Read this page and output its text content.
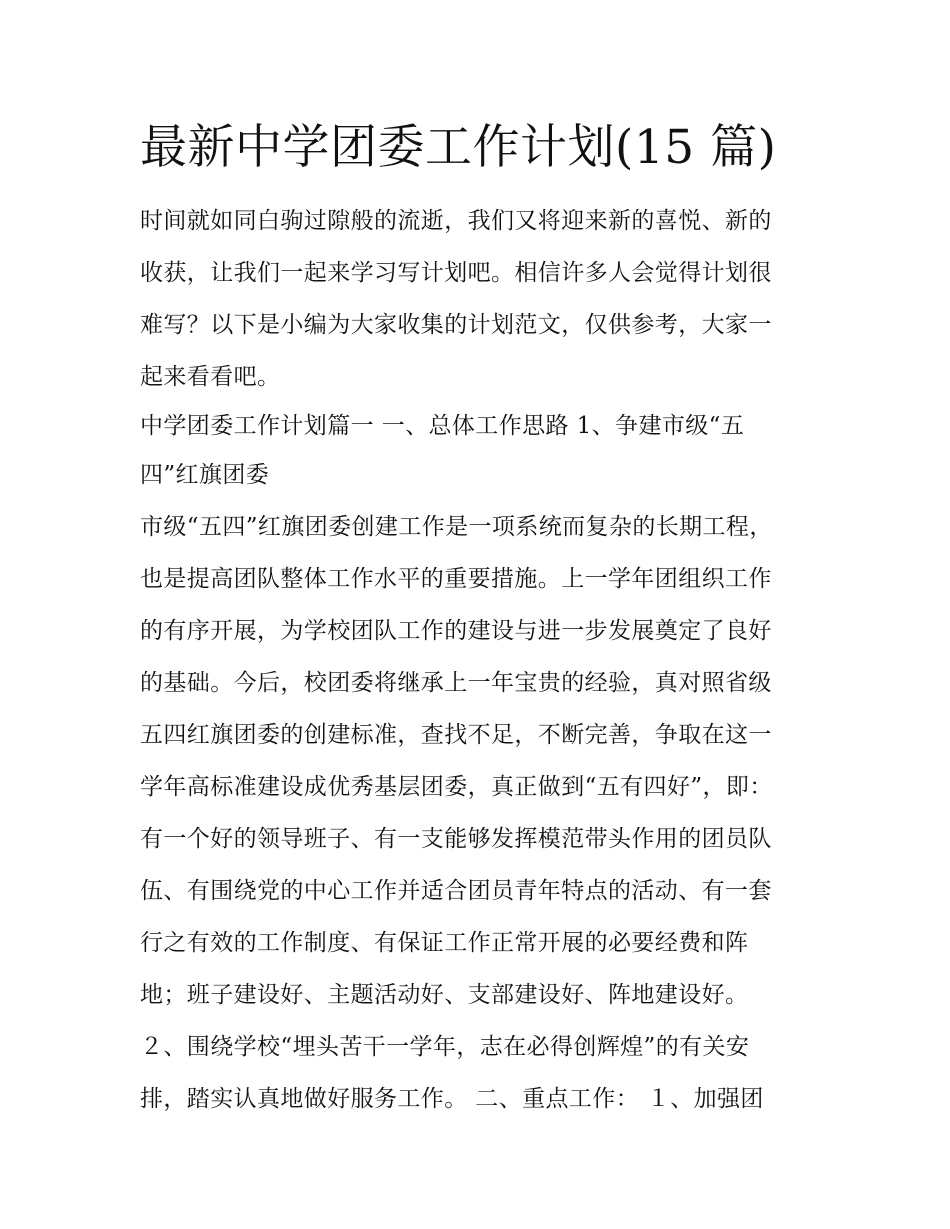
最新中学团委工作计划(15 篇)
时间就如同白驹过隙般的流逝，我们又将迎来新的喜悦、新的
收获，让我们一起来学习写计划吧。相信许多人会觉得计划很
难写？以下是小编为大家收集的计划范文，仅供参考，大家一
起来看看吧。
中学团委工作计划篇一 一、总体工作思路 1、争建市级“五
四”红旗团委
市级“五四”红旗团委创建工作是一项系统而复杂的长期工程，
也是提高团队整体工作水平的重要措施。上一学年团组织工作
的有序开展，为学校团队工作的建设与进一步发展奠定了良好
的基础。今后，校团委将继承上一年宝贵的经验，真对照省级
五四红旗团委的创建标准，查找不足，不断完善，争取在这一
学年高标准建设成优秀基层团委，真正做到“五有四好”，即：
有一个好的领导班子、有一支能够发挥模范带头作用的团员队
伍、有围绕党的中心工作并适合团员青年特点的活动、有一套
行之有效的工作制度、有保证工作正常开展的必要经费和阵
地；班子建设好、主题活动好、支部建设好、阵地建设好。
２、围绕学校“埋头苦干一学年，志在必得创辉煌”的有关安
排，踏实认真地做好服务工作。 二、重点工作： １、加强团
